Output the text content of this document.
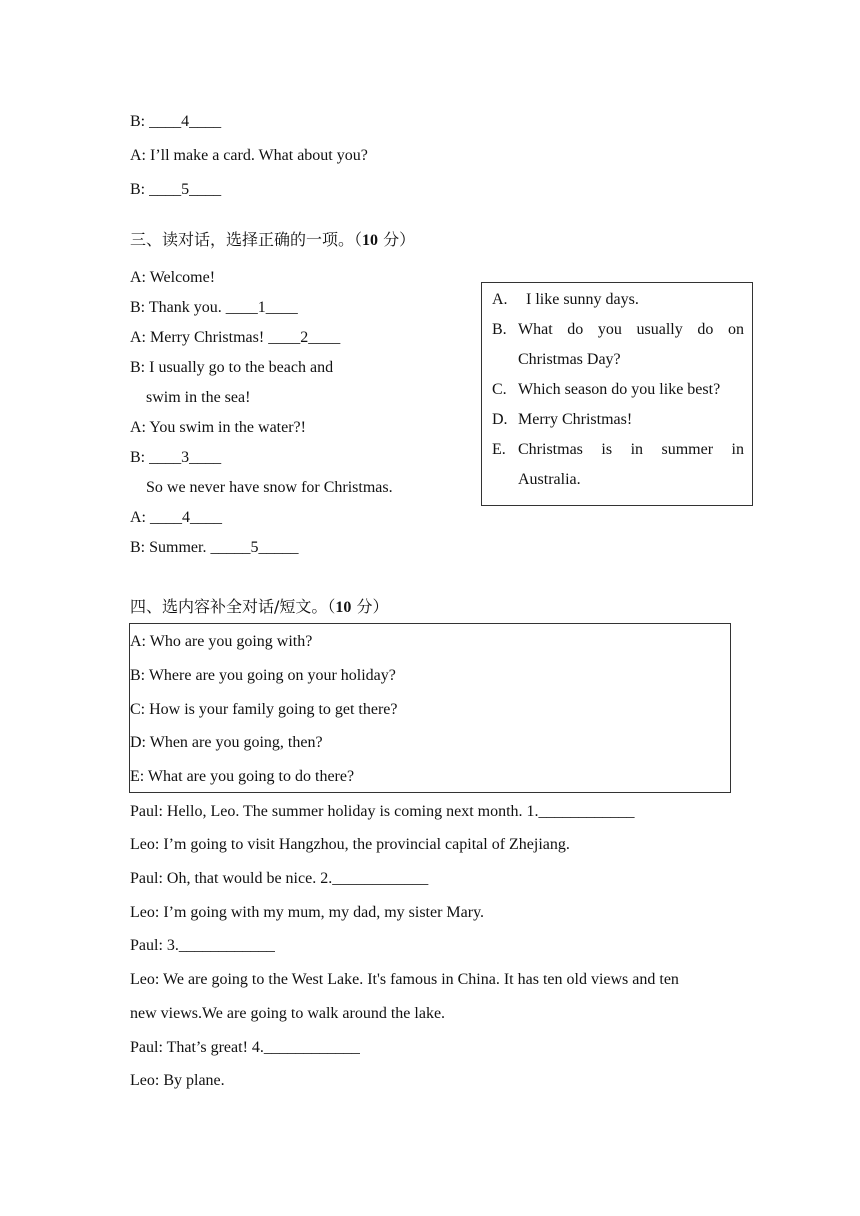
B: ____4____
A: I’ll make a card. What about you?
B: ____5____
三、读对话，选择正确的一项。（10 分）
A: Welcome!
B: Thank you. ____1____
A: Merry Christmas! ____2____
B: I usually go to the beach and
swim in the sea!
A: You swim in the water?!
B: ____3____
So we never have snow for Christmas.
A: ____4____
B: Summer. _____5_____
A. I like sunny days.
B. What do you usually do on Christmas Day?
C. Which season do you like best?
D. Merry Christmas!
E. Christmas is in summer in Australia.
四、选内容补全对话/短文。（10 分）
A: Who are you going with?
B: Where are you going on your holiday?
C: How is your family going to get there?
D: When are you going, then?
E: What are you going to do there?
Paul: Hello, Leo. The summer holiday is coming next month. 1.____________
Leo: I’m going to visit Hangzhou, the provincial capital of Zhejiang.
Paul: Oh, that would be nice. 2.____________
Leo: I’m going with my mum, my dad, my sister Mary.
Paul: 3.____________
Leo: We are going to the West Lake. It's famous in China. It has ten old views and ten
new views.We are going to walk around the lake.
Paul: That’s great! 4.____________
Leo: By plane.
